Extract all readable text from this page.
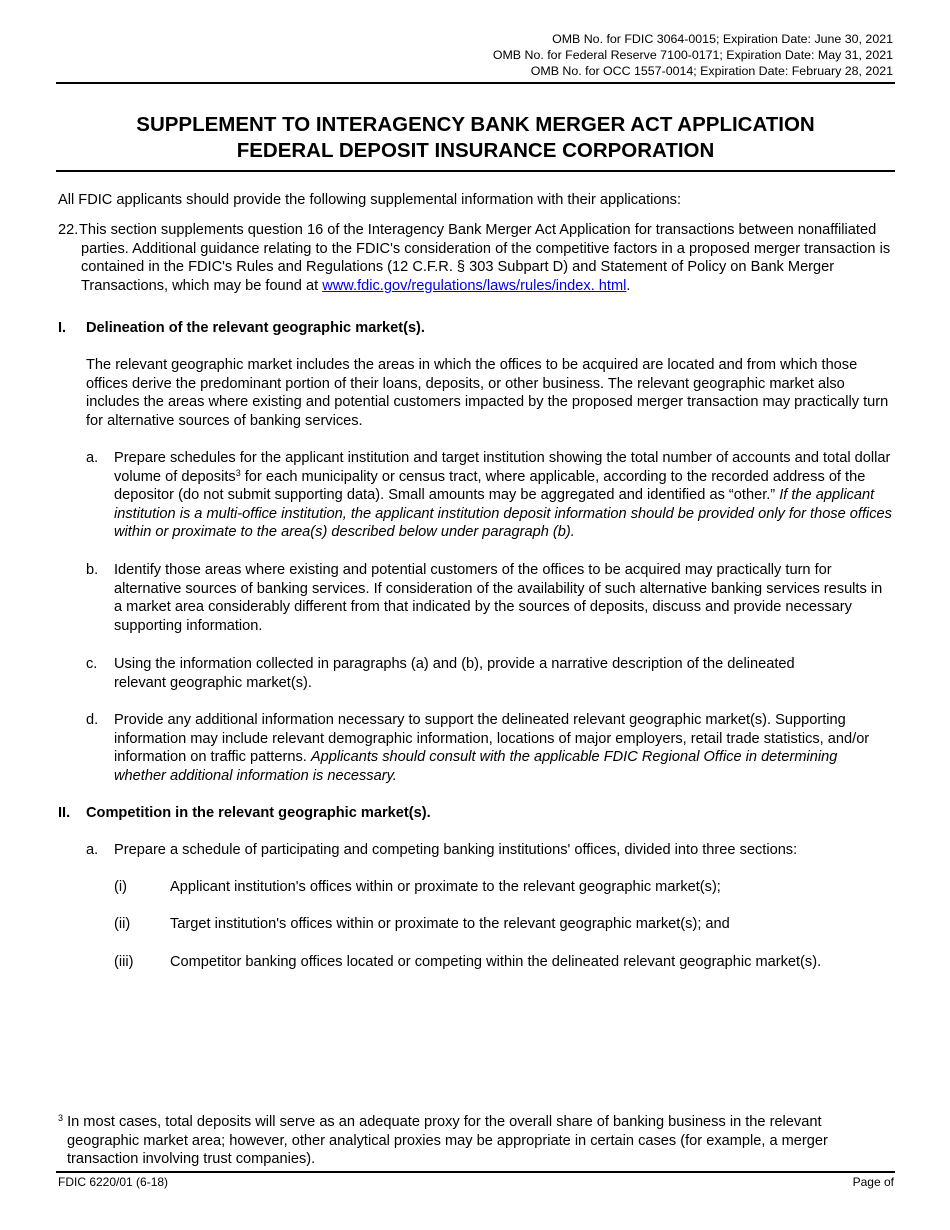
OMB No. for FDIC 3064-0015; Expiration Date: June 30, 2021
OMB No. for Federal Reserve 7100-0171; Expiration Date: May 31, 2021
OMB No. for OCC 1557-0014; Expiration Date: February 28, 2021
SUPPLEMENT TO INTERAGENCY BANK MERGER ACT APPLICATION
FEDERAL DEPOSIT INSURANCE CORPORATION
All FDIC applicants should provide the following supplemental information with their applications:
22. This section supplements question 16 of the Interagency Bank Merger Act Application for transactions between nonaffiliated parties. Additional guidance relating to the FDIC's consideration of the competitive factors in a proposed merger transaction is contained in the FDIC's Rules and Regulations (12 C.F.R. § 303 Subpart D) and Statement of Policy on Bank Merger Transactions, which may be found at www.fdic.gov/regulations/laws/rules/index. html.
I. Delineation of the relevant geographic market(s).
The relevant geographic market includes the areas in which the offices to be acquired are located and from which those offices derive the predominant portion of their loans, deposits, or other business. The relevant geographic market also includes the areas where existing and potential customers impacted by the proposed merger transaction may practically turn for alternative sources of banking services.
a. Prepare schedules for the applicant institution and target institution showing the total number of accounts and total dollar volume of deposits$^3$ for each municipality or census tract, where applicable, according to the recorded address of the depositor (do not submit supporting data). Small amounts may be aggregated and identified as “other.” If the applicant institution is a multi-office institution, the applicant institution deposit information should be provided only for those offices within or proximate to the area(s) described below under paragraph (b).
b. Identify those areas where existing and potential customers of the offices to be acquired may practically turn for alternative sources of banking services. If consideration of the availability of such alternative banking services results in a market area considerably different from that indicated by the sources of deposits, discuss and provide necessary supporting information.
c. Using the information collected in paragraphs (a) and (b), provide a narrative description of the delineated relevant geographic market(s).
d. Provide any additional information necessary to support the delineated relevant geographic market(s). Supporting information may include relevant demographic information, locations of major employers, retail trade statistics, and/or information on traffic patterns. Applicants should consult with the applicable FDIC Regional Office in determining whether additional information is necessary.
II. Competition in the relevant geographic market(s).
a. Prepare a schedule of participating and competing banking institutions' offices, divided into three sections:
(i)	Applicant institution's offices within or proximate to the relevant geographic market(s);
(ii)	Target institution's offices within or proximate to the relevant geographic market(s); and
(iii)	Competitor banking offices located or competing within the delineated relevant geographic market(s).
$^3$ In most cases, total deposits will serve as an adequate proxy for the overall share of banking business in the relevant geographic market area; however, other analytical proxies may be appropriate in certain cases (for example, a merger transaction involving trust companies).
FDIC 6220/01 (6-18)	Page of
